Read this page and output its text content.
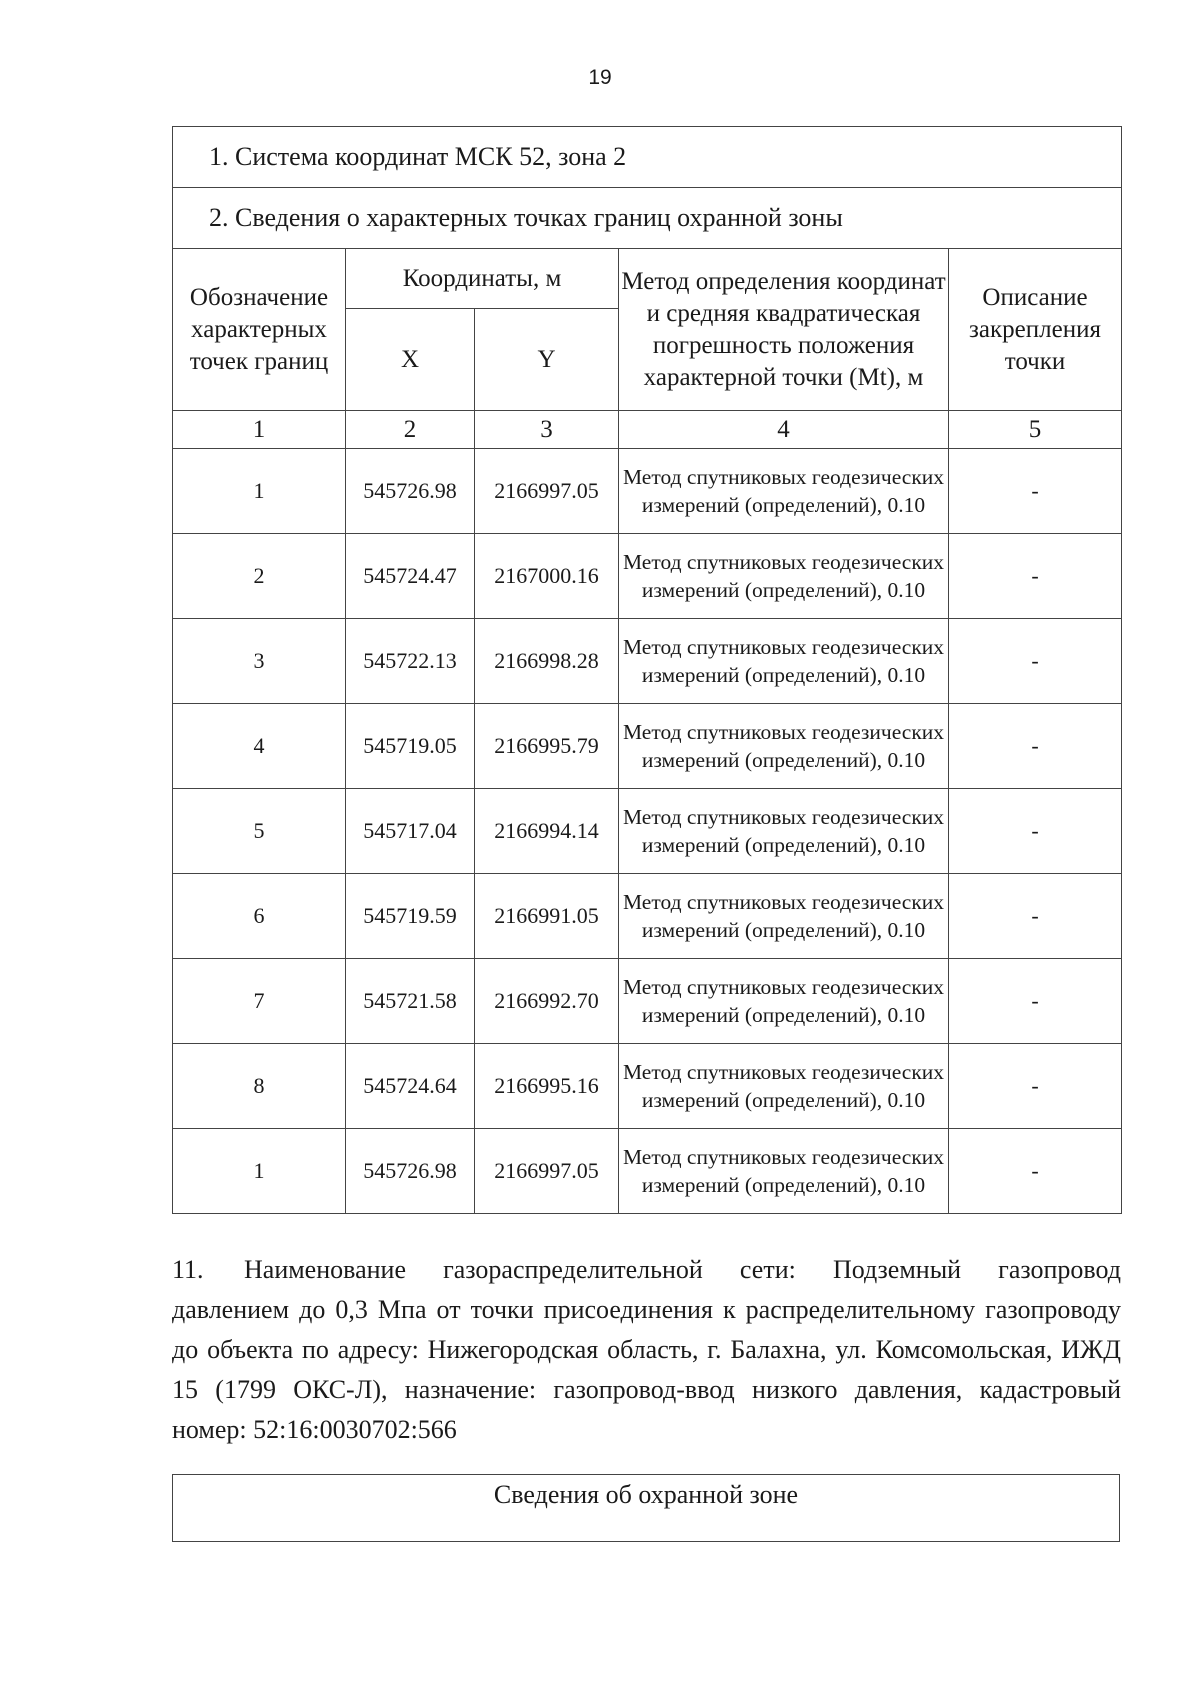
19
1. Система координат МСК 52, зона 2				
2. Сведения о характерных точках границ охранной зоны				
Обозначение характерных точек границ	Координаты, м		Метод определения координат и средняя квадратическая погрешность положения характерной точки (Mt), м	Описание закрепления точки
	X	Y		
1	2	3	4	5
1	545726.98	2166997.05	Метод спутниковых геодезических измерений (определений), 0.10	-
2	545724.47	2167000.16	Метод спутниковых геодезических измерений (определений), 0.10	-
3	545722.13	2166998.28	Метод спутниковых геодезических измерений (определений), 0.10	-
4	545719.05	2166995.79	Метод спутниковых геодезических измерений (определений), 0.10	-
5	545717.04	2166994.14	Метод спутниковых геодезических измерений (определений), 0.10	-
6	545719.59	2166991.05	Метод спутниковых геодезических измерений (определений), 0.10	-
7	545721.58	2166992.70	Метод спутниковых геодезических измерений (определений), 0.10	-
8	545724.64	2166995.16	Метод спутниковых геодезических измерений (определений), 0.10	-
1	545726.98	2166997.05	Метод спутниковых геодезических измерений (определений), 0.10	-

11. Наименование газораспределительной сети: Подземный газопровод давлением до 0,3 Мпа от точки присоединения к распределительному газопроводу до объекта по адресу: Нижегородская область, г. Балахна, ул. Комсомольская, ИЖД 15 (1799 ОКС-Л), назначение: газопровод-ввод низкого давления, кадастровый номер: 52:16:0030702:566

Сведения об охранной зоне
